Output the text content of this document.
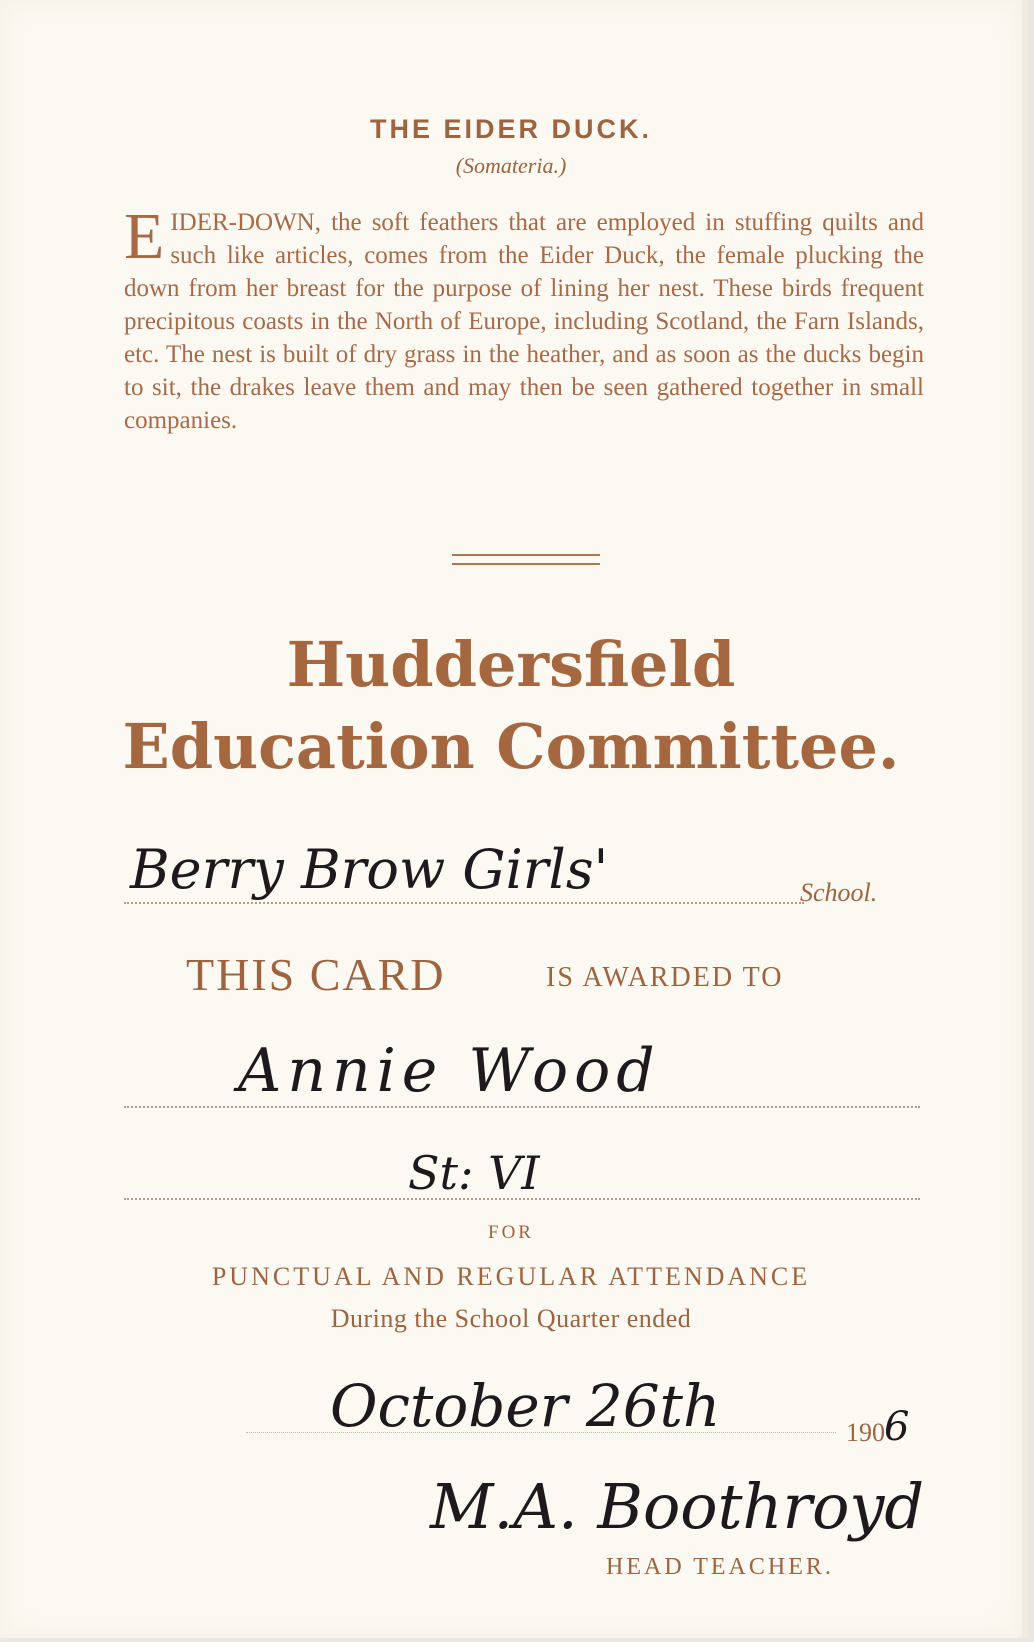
THE EIDER DUCK.
(Somateria.)
EIDER-DOWN, the soft feathers that are employed in stuffing quilts and such like articles, comes from the Eider Duck, the female plucking the down from her breast for the purpose of lining her nest. These birds frequent precipitous coasts in the North of Europe, including Scotland, the Farn Islands, etc. The nest is built of dry grass in the heather, and as soon as the ducks begin to sit, the drakes leave them and may then be seen gathered together in small companies.
Huddersfield
Education Committee.
Berry Brow Girls'	School.
THIS CARD	IS AWARDED TO
Annie Wood
St: VI
FOR
PUNCTUAL AND REGULAR ATTENDANCE
During the School Quarter ended
October 26th	190 6
M.A. Boothroyd
HEAD TEACHER.
